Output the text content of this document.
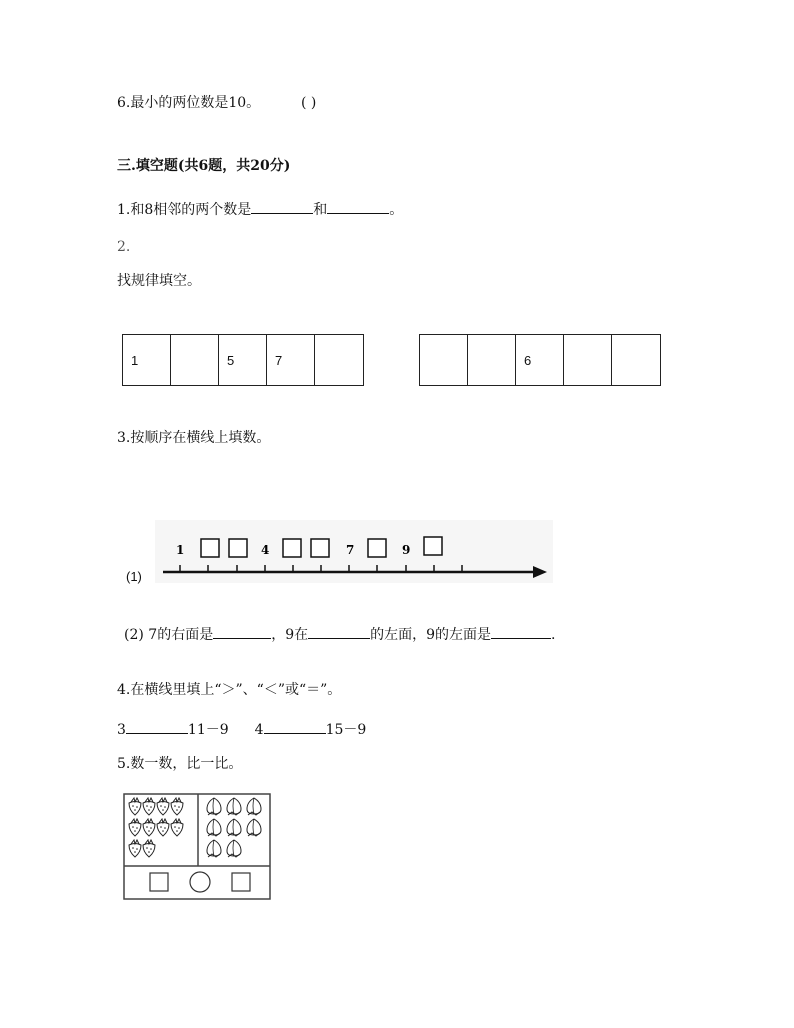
6.最小的两位数是10。	( )
三.填空题(共6题，共20分)
1.和8相邻的两个数是	和	。
2.
找规律填空。
1	5	7	6
3.按顺序在横线上填数。
(1)
1	4	7	9
(2) 7的右面是	，9在	的左面，9的左面是	.
4.在横线里填上“＞”、“＜”或“＝”。
3	11－9 4	15－9
5.数一数，比一比。
